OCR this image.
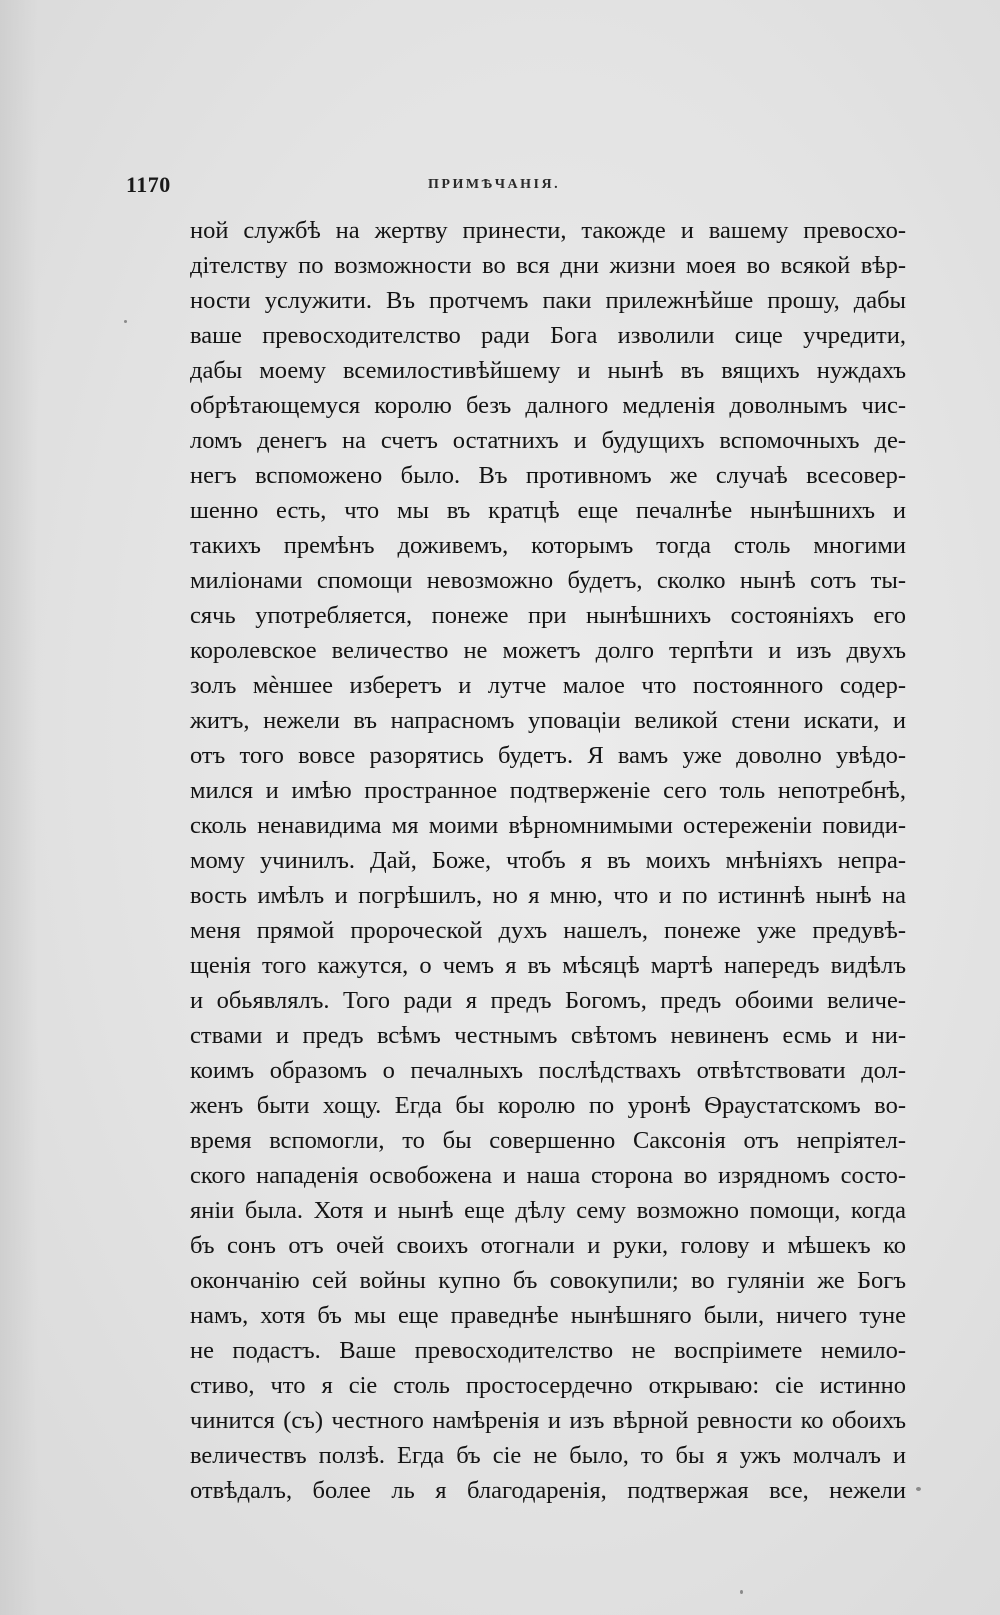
1170	ПРИМѢЧАНІЯ.
ной службѣ на жертву принести, такожде и вашему превосхо-
дітелству по возможности во вся дни жизни моея во всякой вѣр-
ности услужити. Въ протчемъ паки прилежнѣйше прошу, дабы
ваше превосходителство ради Бога изволили сице учредити,
дабы моему всемилостивѣйшему и нынѣ въ вящихъ нуждахъ
обрѣтающемуся королю безъ далного медленія доволнымъ чис-
ломъ денегъ на счетъ остатнихъ и будущихъ вспомочныхъ де-
негъ вспоможено было. Въ противномъ же случаѣ всесовер-
шенно есть, что мы въ кратцѣ еще печалнѣе нынѣшнихъ и
такихъ премѣнъ доживемъ, которымъ тогда столь многими
миліонами спомощи невозможно будетъ, сколко нынѣ сотъ ты-
сячь употребляется, понеже при нынѣшнихъ состояніяхъ его
королевское величество не можетъ долго терпѣти и изъ двухъ
золъ мѐншее изберетъ и лутче малое что постоянного содер-
житъ, нежели въ напрасномъ уповаціи великой стени искати, и
отъ того вовсе разорятись будетъ. Я вамъ уже доволно увѣдо-
мился и имѣю пространное подтверженіе сего толь непотребнѣ,
сколь ненавидима мя моими вѣрномнимыми остереженіи повиди-
мому учинилъ. Дай, Боже, чтобъ я въ моихъ мнѣніяхъ непра-
вость имѣлъ и погрѣшилъ, но я мню, что и по истиннѣ нынѣ на
меня прямой пророческой духъ нашелъ, понеже уже предувѣ-
щенія того кажутся, о чемъ я въ мѣсяцѣ мартѣ напередъ видѣлъ
и обьявлялъ. Того ради я предъ Богомъ, предъ обоими величе-
ствами и предъ всѣмъ честнымъ свѣтомъ невиненъ есмь и ни-
коимъ образомъ о печалныхъ послѣдствахъ отвѣтствовати дол-
женъ быти хощу. Егда бы королю по уронѣ Ѳраустатскомъ во-
время вспомогли, то бы совершенно Саксонія отъ непріятел-
ского нападенія освобожена и наша сторона во изрядномъ состо-
яніи была. Хотя и нынѣ еще дѣлу сему возможно помощи, когда
бъ сонъ отъ очей своихъ отогнали и руки, голову и мѣшекъ ко
окончанію сей войны купно бъ совокупили; во гуляніи же Богъ
намъ, хотя бъ мы еще праведнѣе нынѣшняго были, ничего туне
не подастъ. Ваше превосходителство не воспріимете немило-
стиво, что я сіе столь простосердечно открываю: сіе истинно
чинится (съ) честного намѣренія и изъ вѣрной ревности ко обоихъ
величествъ ползѣ. Егда бъ сіе не было, то бы я ужъ молчалъ и
отвѣдалъ, более ль я благодаренія, подтвержая все, нежели
